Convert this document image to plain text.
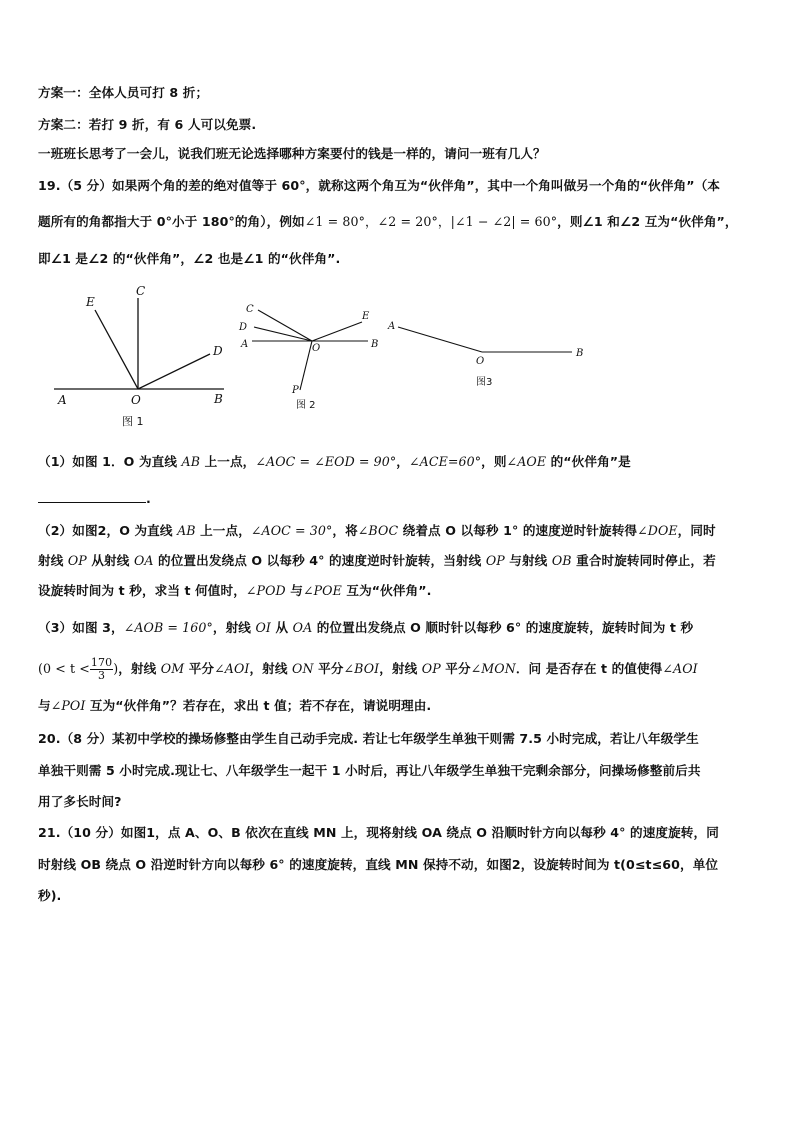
方案一：全体人员可打 8 折；
方案二：若打 9 折，有 6 人可以免票.
一班班长思考了一会儿，说我们班无论选择哪种方案要付的钱是一样的，请问一班有几人？
19.（5 分）如果两个角的差的绝对值等于 60°，就称这两个角互为“伙伴角”，其中一个角叫做另一个角的“伙伴角”（本
题所有的角都指大于 0°小于 180°的角），例如∠1 = 80°，∠2 = 20°，|∠1 − ∠2| = 60°，则∠1 和∠2 互为“伙伴角”，
即∠1 是∠2 的“伙伴角”，∠2 也是∠1 的“伙伴角”.
A	O	B
C
E
D
图 1
C
D
A	O
E
B
P
图 2
A
O
B
图3
（1）如图 1．O 为直线 AB 上一点，∠AOC = ∠EOD = 90°，∠ACE=60°，则∠AOE 的“伙伴角”是
.
（2）如图2，O 为直线 AB 上一点，∠AOC = 30°，将∠BOC 绕着点 O 以每秒 1° 的速度逆时针旋转得∠DOE，同时
射线 OP 从射线 OA 的位置出发绕点 O 以每秒 4° 的速度逆时针旋转，当射线 OP 与射线 OB 重合时旋转同时停止，若
设旋转时间为 t 秒，求当 t 何值时，∠POD 与∠POE 互为“伙伴角”.
（3）如图 3，∠AOB = 160°，射线 OI 从 OA 的位置出发绕点 O 顺时针以每秒 6° 的速度旋转，旋转时间为 t 秒
($0 < t < \frac{170}{3}$ )，射线 OM 平分∠AOI，射线 ON 平分∠BOI，射线 OP 平分∠MON．问 是否存在 t 的值使得∠AOI
与∠POI 互为“伙伴角”？若存在，求出 t 值；若不存在，请说明理由.
20.（8 分）某初中学校的操场修整由学生自己动手完成. 若让七年级学生单独干则需 7.5 小时完成，若让八年级学生
单独干则需 5 小时完成.现让七、八年级学生一起干 1 小时后，再让八年级学生单独干完剩余部分，问操场修整前后共
用了多长时间?
21.（10 分）如图1，点 A、O、B 依次在直线 MN 上，现将射线 OA 绕点 O 沿顺时针方向以每秒 4° 的速度旋转，同
时射线 OB 绕点 O 沿逆时针方向以每秒 6° 的速度旋转，直线 MN 保持不动，如图2，设旋转时间为 t(0≤t≤60，单位
秒).
